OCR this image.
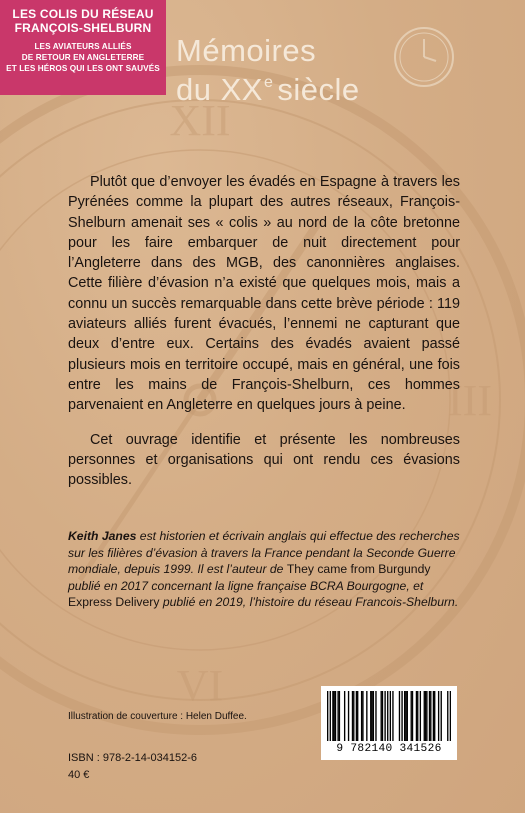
XII
III
VI
LES COLIS DU RÉSEAU
FRANÇOIS-SHELBURN
LES AVIATEURS ALLIÉS
DE RETOUR EN ANGLETERRE
ET LES HÉROS QUI LES ONT SAUVÉS
Mémoires
du XXe siècle

Plutôt que d’envoyer les évadés en Espagne à travers les Pyrénées comme la plupart des autres réseaux, François-Shelburn amenait ses « colis » au nord de la côte bretonne pour les faire embarquer de nuit directement pour l’Angleterre dans des MGB, des canonnières anglaises. Cette filière d’évasion n’a existé que quelques mois, mais a connu un succès remarquable dans cette brève période : 119 aviateurs alliés furent évacués, l’ennemi ne capturant que deux d’entre eux. Certains des évadés avaient passé plusieurs mois en territoire occupé, mais en général, une fois entre les mains de François-Shelburn, ces hommes parvenaient en Angleterre en quelques jours à peine.

Cet ouvrage identifie et présente les nombreuses personnes et organisations qui ont rendu ces évasions possibles.

Keith Janes est historien et écrivain anglais qui effectue des recherches sur les filières d’évasion à travers la France pendant la Seconde Guerre mondiale, depuis 1999. Il est l’auteur de They came from Burgundy publié en 2017 concernant la ligne française BCRA Bourgogne, et Express Delivery publié en 2019, l’histoire du réseau Francois-Shelburn.
Illustration de couverture : Helen Duffee.
ISBN : 978-2-14-034152-6
40 €
9 782140 341526
